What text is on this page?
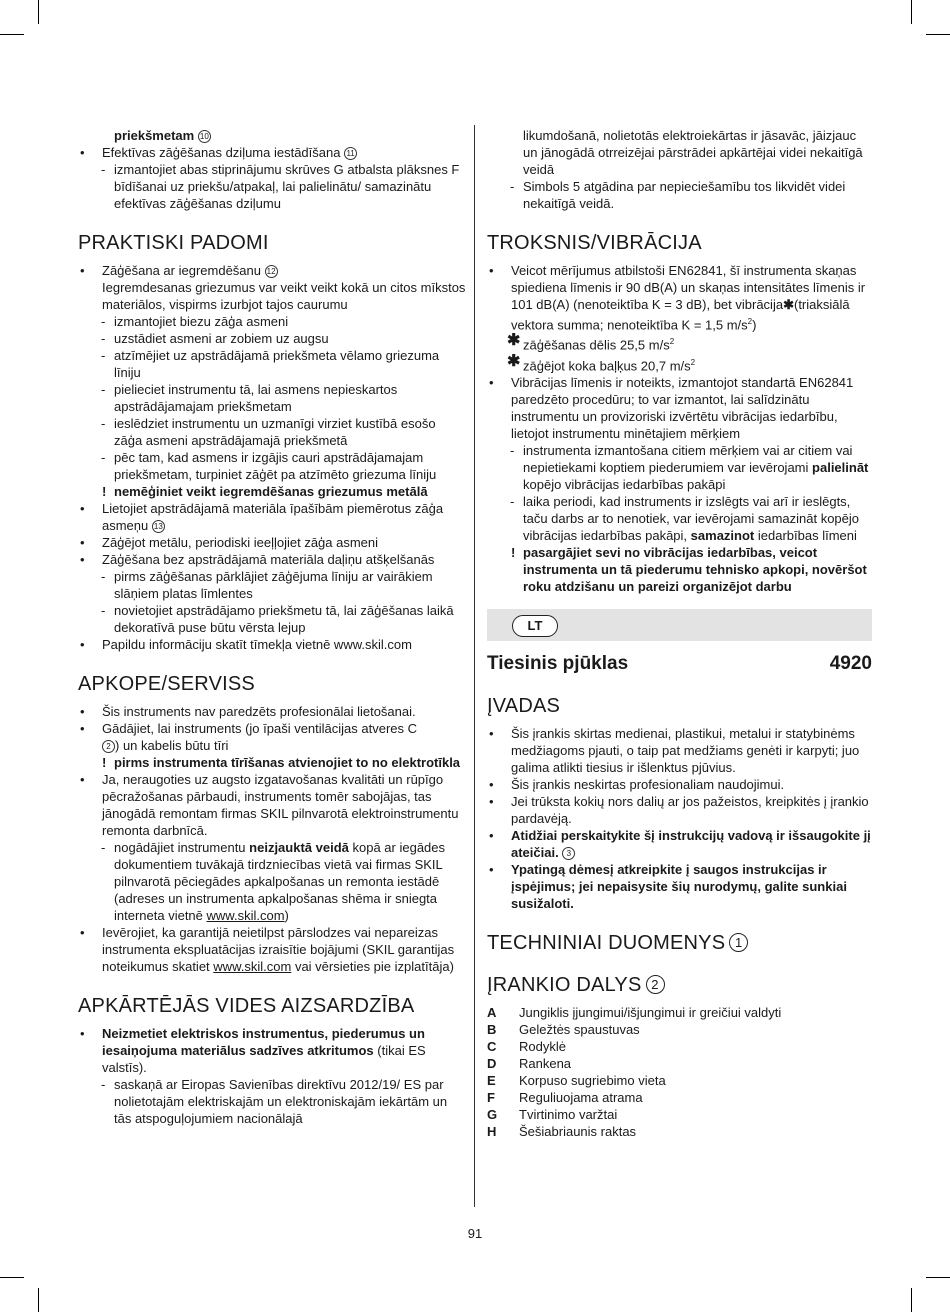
priekšmetam 10

• Efektīvas zāģēšanas dziļuma iestādīšana 11

- izmantojiet abas stiprinājumu skrūves G atbalsta plāksnes F bīdīšanai uz priekšu/atpakaļ, lai palielinātu/ samazinātu efektīvas zāģēšanas dziļumu

PRAKTISKI PADOMI

• Zāģēšana ar iegremdēšanu 12
Iegremdesanas griezumus var veikt veikt kokā un citos mīkstos materiālos, vispirms izurbjot tajos caurumu

- izmantojiet biezu zāģa asmeni

- uzstādiet asmeni ar zobiem uz augsu

- atzīmējiet uz apstrādājamā priekšmeta vēlamo griezuma līniju

- pielieciet instrumentu tā, lai asmens nepieskartos apstrādājamajam priekšmetam

- ieslēdziet instrumentu un uzmanīgi virziet kustībā esošo zāģa asmeni apstrādājamajā priekšmetā

- pēc tam, kad asmens ir izgājis cauri apstrādājamajam priekšmetam, turpiniet zāģēt pa atzīmēto griezuma līniju

! nemēģiniet veikt iegremdēšanas griezumus metālā

• Lietojiet apstrādājamā materiāla īpašībām piemērotus zāģa asmeņu 13

• Zāģējot metālu, periodiski ieeļļojiet zāģa asmeni

• Zāģēšana bez apstrādājamā materiāla daļiņu atšķelšanās

- pirms zāģēšanas pārklājiet zāģējuma līniju ar vairākiem slāņiem platas līmlentes

- novietojiet apstrādājamo priekšmetu tā, lai zāģēšanas laikā dekoratīvā puse būtu vērsta lejup

• Papildu informāciju skatīt tīmekļa vietnē www.skil.com

APKOPE/SERVISS

• Šis instruments nav paredzēts profesionālai lietošanai.

• Gādājiet, lai instruments (jo īpaši ventilācijas atveres C
2 ) un kabelis būtu tīri

! pirms instrumenta tīrīšanas atvienojiet to no elektrotīkla

• Ja, neraugoties uz augsto izgatavošanas kvalitāti un rūpīgo pēcražošanas pārbaudi, instruments tomēr sabojājas, tas jānogādā remontam firmas SKIL pilnvarotā elektroinstrumentu remonta darbnīcā.

- nogādājiet instrumentu neizjauktā veidā kopā ar iegādes dokumentiem tuvākajā tirdzniecības vietā vai firmas SKIL pilnvarotā pēciegādes apkalpošanas un remonta iestādē (adreses un instrumenta apkalpošanas shēma ir sniegta interneta vietnē www.skil.com)

• Ievērojiet, ka garantijā neietilpst pārslodzes vai nepareizas instrumenta ekspluatācijas izraisītie bojājumi (SKIL garantijas noteikumus skatiet www.skil.com vai vērsieties pie izplatītāja)

APKĀRTĒJĀS VIDES AIZSARDZĪBA

• Neizmetiet elektriskos instrumentus, piederumus un iesaiņojuma materiālus sadzīves atkritumos (tikai ES valstīs).

- saskaņā ar Eiropas Savienības direktīvu 2012/19/ ES par nolietotajām elektriskajām un elektroniskajām iekārtām un tās atspoguļojumiem nacionālajā

likumdošanā, nolietotās elektroiekārtas ir jāsavāc, jāizjauc un jānogādā otrreizējai pārstrādei apkārtējai videi nekaitīgā veidā

- Simbols 5 atgādina par nepieciešamību tos likvidēt videi nekaitīgā veidā.

TROKSNIS/VIBRĀCIJA

• Veicot mērījumus atbilstoši EN62841, šī instrumenta skaņas spiediena līmenis ir 90 dB(A) un skaņas intensitātes līmenis ir 101 dB(A) (nenoteiktība K = 3 dB), bet vibrācija✱(triaksiālā vektora summa; nenoteiktība K = 1,5 $m/s^2$)

✱ zāģēšanas dēlis 25,5 $m/s^2$

✱ zāģējot koka baļķus 20,7 $m/s^2$

• Vibrācijas līmenis ir noteikts, izmantojot standartā EN62841 paredzēto procedūru; to var izmantot, lai salīdzinātu instrumentu un provizoriski izvērtētu vibrācijas iedarbību, lietojot instrumentu minētajiem mērķiem

- instrumenta izmantošana citiem mērķiem vai ar citiem vai nepietiekami koptiem piederumiem var ievērojami palielināt kopējo vibrācijas iedarbības pakāpi

- laika periodi, kad instruments ir izslēgts vai arī ir ieslēgts, taču darbs ar to nenotiek, var ievērojami samazināt kopējo vibrācijas iedarbības pakāpi, samazinot iedarbības līmeni

! pasargājiet sevi no vibrācijas iedarbības, veicot instrumenta un tā piederumu tehnisko apkopi, novēršot roku atdzišanu un pareizi organizējot darbu

LT
Tiesinis pjūklas	4920
ĮVADAS

• Šis įrankis skirtas medienai, plastikui, metalui ir statybinėms medžiagoms pjauti, o taip pat medžiams genėti ir karpyti; juo galima atlikti tiesius ir išlenktus pjūvius.

• Šis įrankis neskirtas profesionaliam naudojimui.

• Jei trūksta kokių nors dalių ar jos pažeistos, kreipkitės į įrankio pardavėją.

• Atidžiai perskaitykite šį instrukcijų vadovą ir išsaugokite jį ateičiai. 3

• Ypatingą dėmesį atkreipkite į saugos instrukcijas ir įspėjimus; jei nepaisysite šių nurodymų, galite sunkiai susižaloti.

TECHNINIAI DUOMENYS 1
ĮRANKIO DALYS 2
A	Jungiklis įjungimui/išjungimui ir greičiui valdyti
B	Geležtės spaustuvas
C	Rodyklė
D	Rankena
E	Korpuso sugriebimo vieta
F	Reguliuojama atrama
G	Tvirtinimo varžtai
H	Šešiabriaunis raktas
91
